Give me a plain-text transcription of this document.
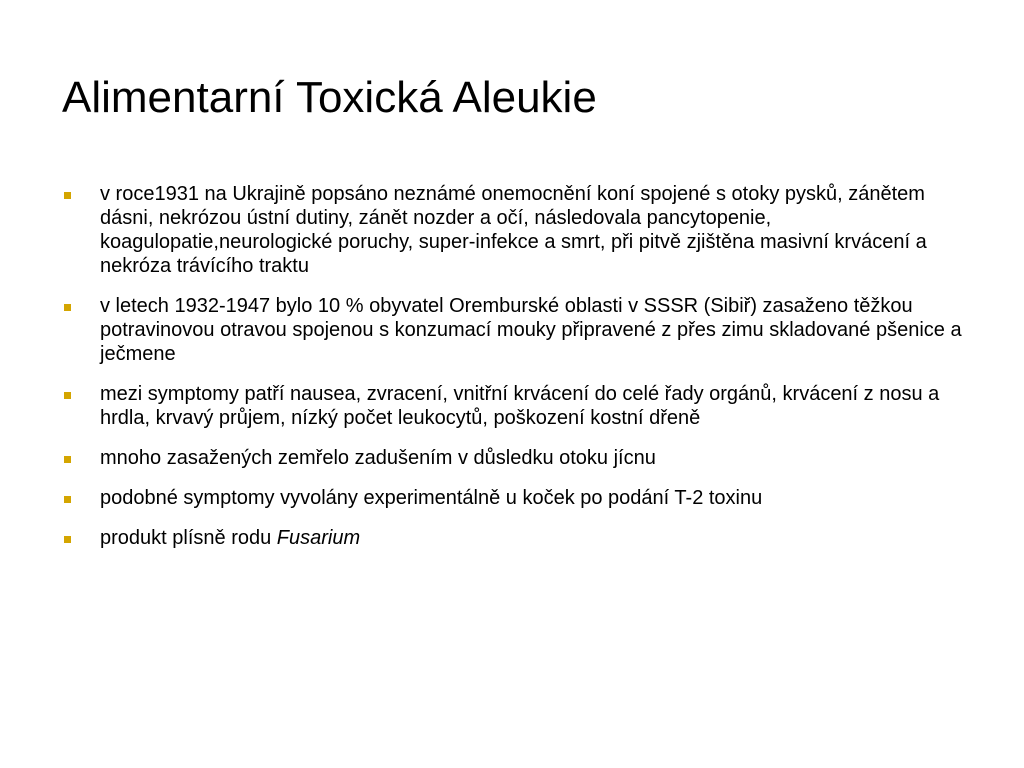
Alimentarní Toxická Aleukie
v roce1931 na Ukrajině popsáno neznámé onemocnění koní spojené s otoky pysků, zánětem dásni, nekrózou ústní dutiny, zánět nozder a očí, následovala pancytopenie, koagulopatie,neurologické poruchy, super-infekce a smrt, při pitvě zjištěna masivní krvácení a nekróza trávícího traktu
v letech 1932-1947 bylo 10 % obyvatel Oremburské oblasti v SSSR (Sibiř) zasaženo těžkou potravinovou otravou spojenou s konzumací mouky připravené z přes zimu skladované pšenice a ječmene
mezi symptomy patří nausea, zvracení, vnitřní krvácení do celé řady orgánů, krvácení z nosu a hrdla, krvavý průjem, nízký počet leukocytů, poškození kostní dřeně
mnoho zasažených zemřelo zadušením v důsledku otoku jícnu
podobné symptomy vyvolány experimentálně u koček po podání T-2 toxinu
produkt plísně rodu Fusarium
